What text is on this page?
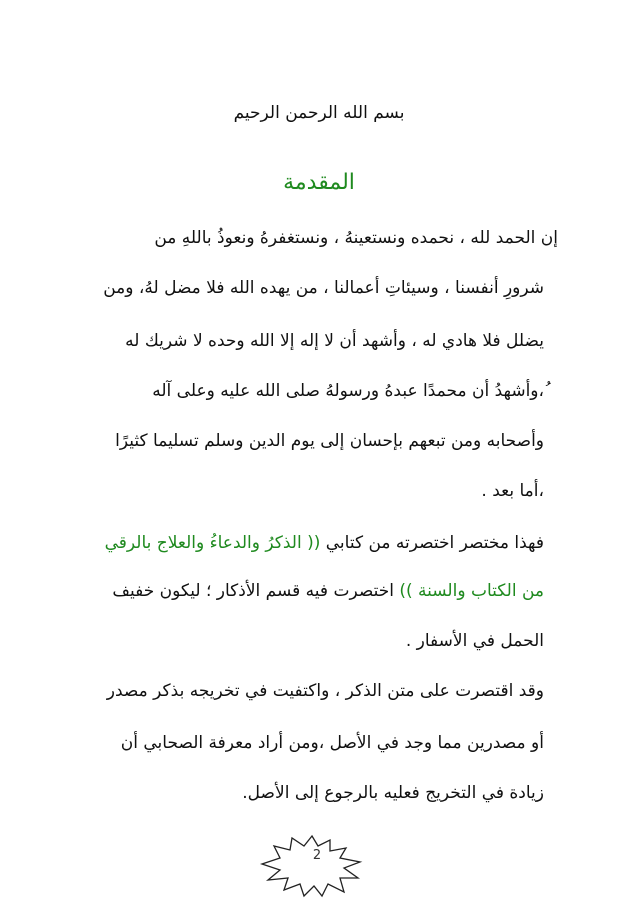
بسم الله الرحمن الرحيم
المقدمة
إن الحمد لله ، نحمده ونستعينهُ ، ونستغفرهُ ونعوذُ باللهِ من
شرورِ أنفسنا ، وسيئاتِ أعمالنا ، من يهده الله فلا مضل لهُ، ومن
يضلل فلا هادي له ، وأشهد أن لا إله إلا الله وحده لا شريك له
ُ،وأشهدُ أن محمدًا عبدهُ ورسولهُ صلى الله عليه وعلى آله
وأصحابه ومن تبعهم بإحسان إلى يوم الدين وسلم تسليما كثيرًا
،أما بعد .
فهذا مختصر اختصرته من كتابي (( الذكرُ والدعاءُ والعلاج بالرقي
من الكتاب والسنة )) اختصرت فيه قسم الأذكار ؛ ليكون خفيف
الحمل في الأسفار .
وقد اقتصرت على متن الذكر ، واكتفيت في تخريجه بذكر مصدر
أو مصدرين مما وجد في الأصل ،ومن أراد معرفة الصحابي أن
زيادة في التخريج فعليه بالرجوع إلى الأصل.
2
